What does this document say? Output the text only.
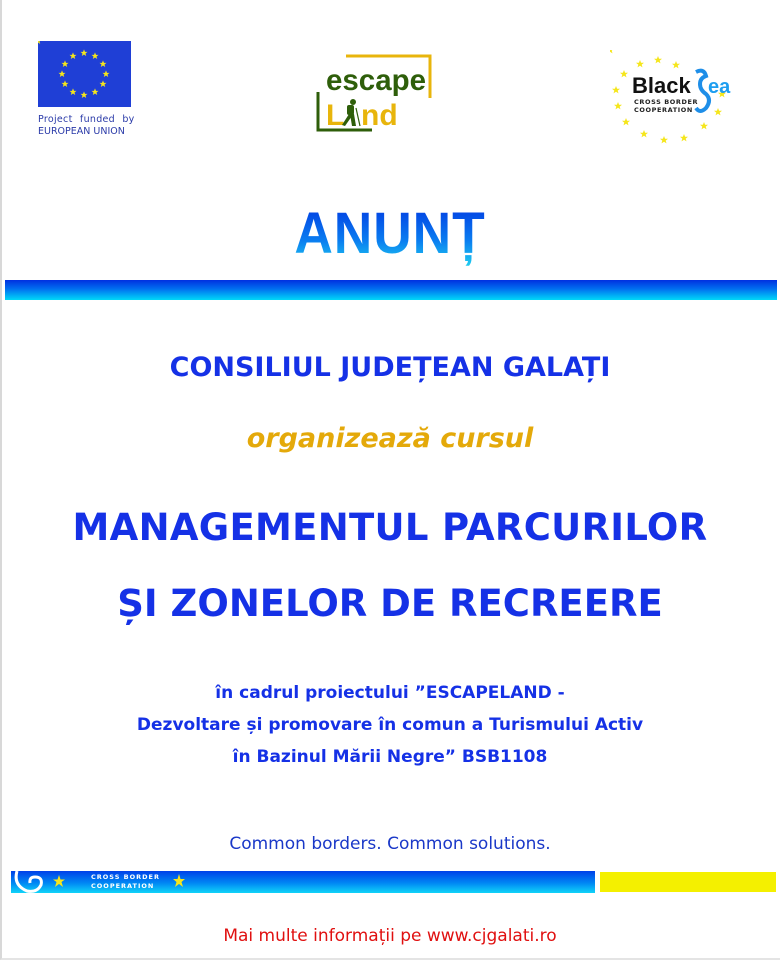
Project funded by
EUROPEAN UNION
escape
L nd
Black ea
CROSS BORDER
COOPERATION
ANUNȚ
CONSILIUL JUDEȚEAN GALAȚI
organizează cursul
MANAGEMENTUL PARCURILOR
ȘI ZONELOR DE RECREERE
în cadrul proiectului ”ESCAPELAND -
Dezvoltare și promovare în comun a Turismului Activ
în Bazinul Mării Negre” BSB1108
Common borders. Common solutions.
CROSS BORDER
COOPERATION
Mai multe informații pe www.cjgalati.ro
